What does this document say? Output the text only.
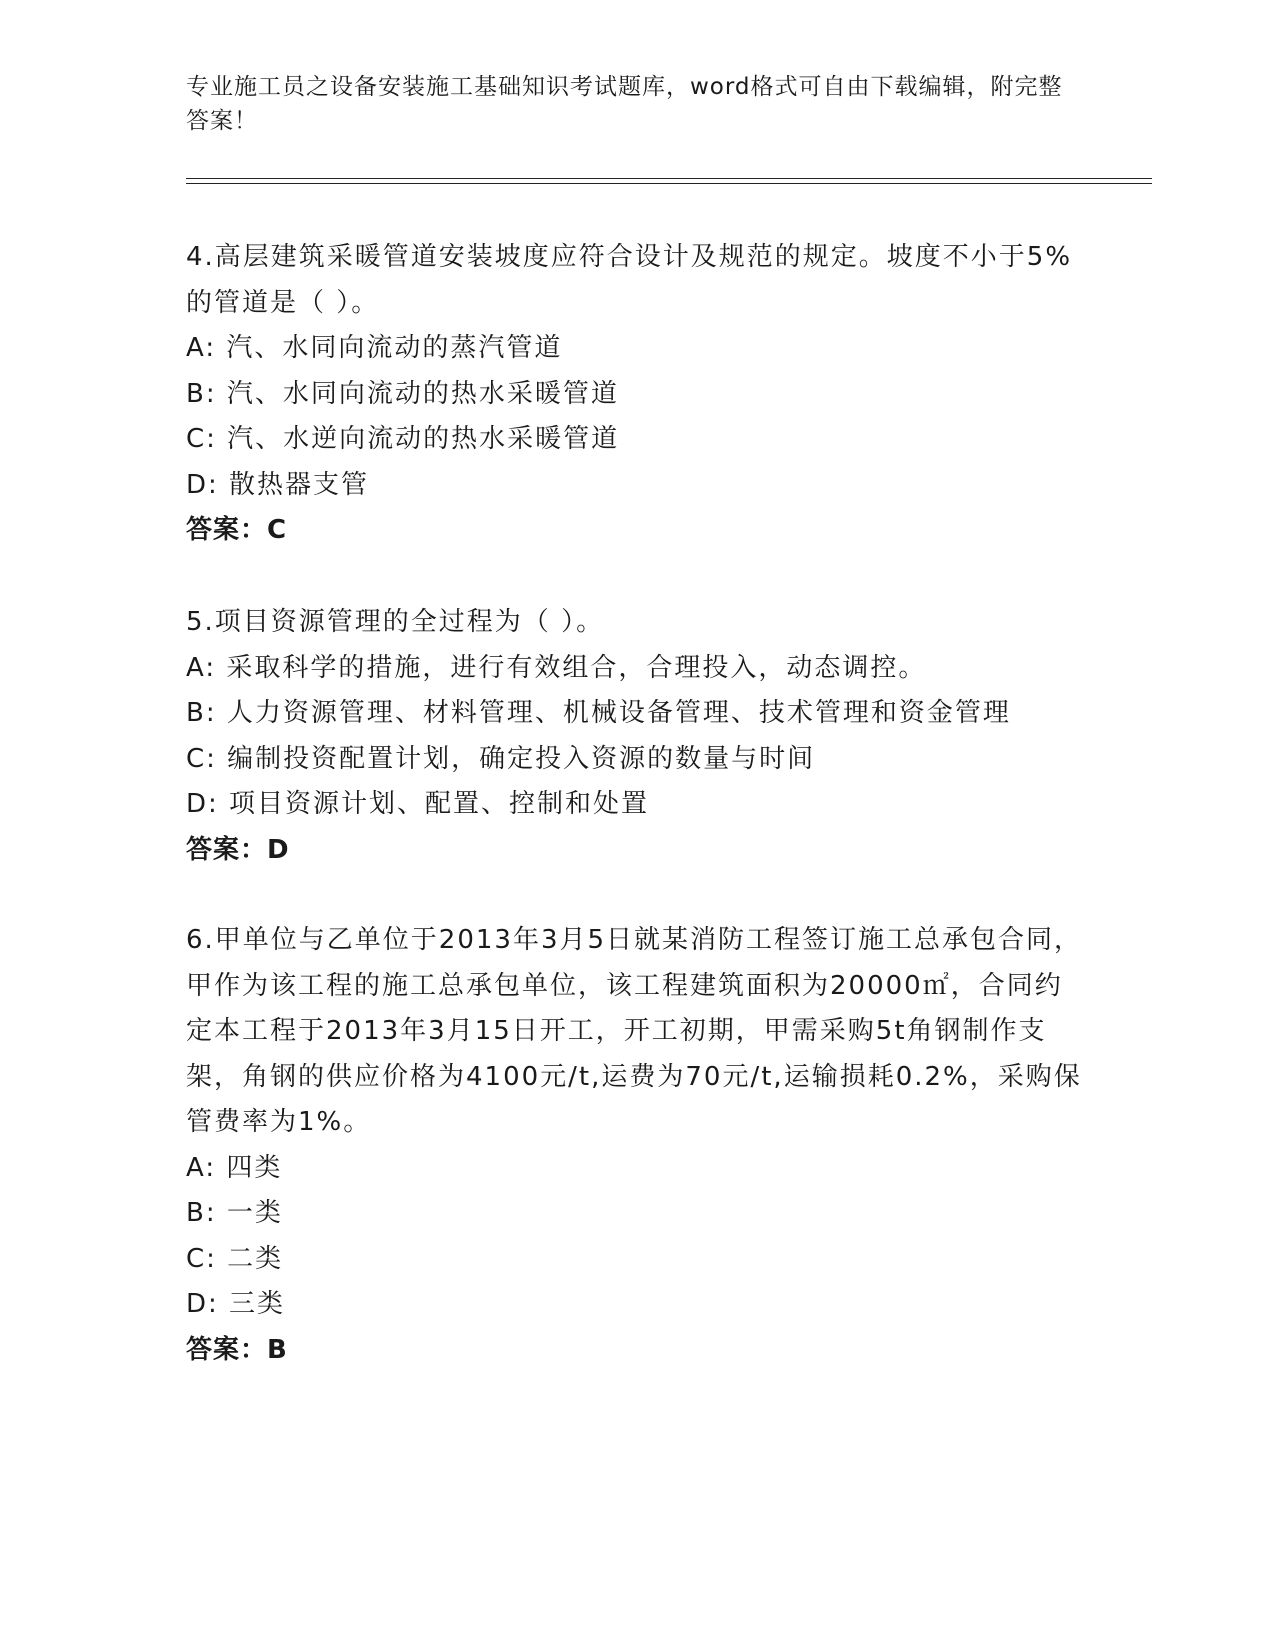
专业施工员之设备安装施工基础知识考试题库，word格式可自由下载编辑，附完整答案！
4.高层建筑采暖管道安装坡度应符合设计及规范的规定。坡度不小于5%的管道是（ ）。
A: 汽、水同向流动的蒸汽管道
B: 汽、水同向流动的热水采暖管道
C: 汽、水逆向流动的热水采暖管道
D: 散热器支管
答案：C
5.项目资源管理的全过程为（ ）。
A: 采取科学的措施，进行有效组合，合理投入，动态调控。
B: 人力资源管理、材料管理、机械设备管理、技术管理和资金管理
C: 编制投资配置计划，确定投入资源的数量与时间
D: 项目资源计划、配置、控制和处置
答案：D
6.甲单位与乙单位于2013年3月5日就某消防工程签订施工总承包合同，甲作为该工程的施工总承包单位，该工程建筑面积为20000㎡，合同约定本工程于2013年3月15日开工，开工初期，甲需采购5t角钢制作支架，角钢的供应价格为4100元/t,运费为70元/t,运输损耗0.2%，采购保管费率为1%。
A: 四类
B: 一类
C: 二类
D: 三类
答案：B
